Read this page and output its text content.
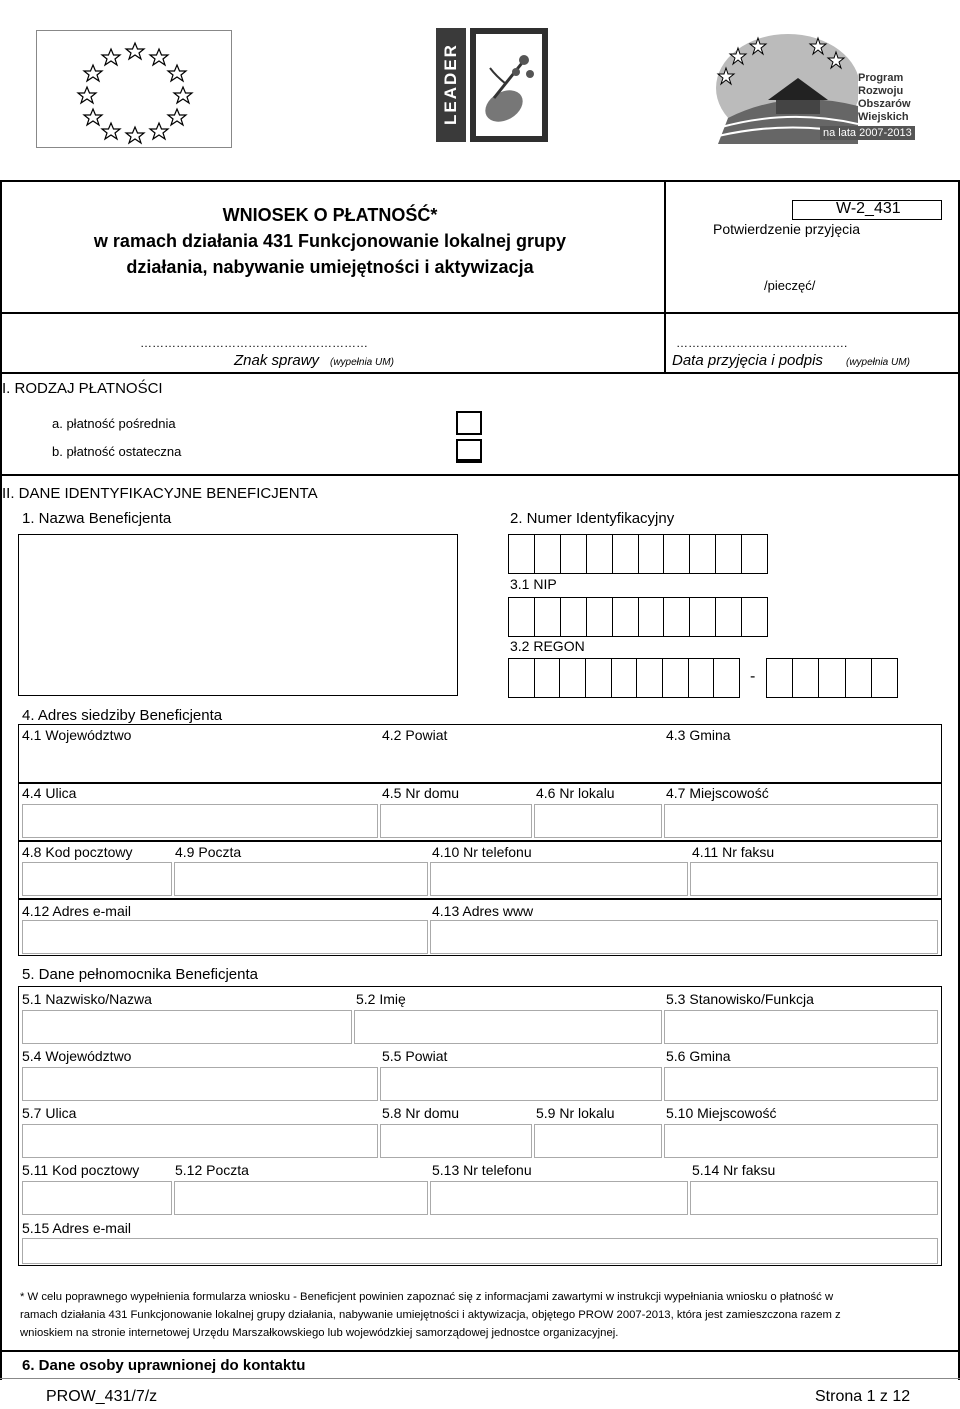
LEADER	Program
Rozwoju
Obszarów
Wiejskich
na lata 2007-2013
WNIOSEK O PŁATNOŚĆ*
w ramach działania 431 Funkcjonowanie lokalnej grupy
działania, nabywanie umiejętności i aktywizacja
W-2_431
Potwierdzenie przyjęcia
/pieczęć/
…………………………………………………
Znak sprawy (wypełnia UM)
…………………………………….
Data przyjęcia i podpis (wypełnia UM)
I. RODZAJ PŁATNOŚCI
a. płatność pośrednia
b. płatność ostateczna
II. DANE IDENTYFIKACYJNE BENEFICJENTA
1. Nazwa Beneficjenta	2. Numer Identyfikacyjny
3.1 NIP
3.2 REGON
-
4. Adres siedziby Beneficjenta
4.1 Województwo	4.2 Powiat	4.3 Gmina
4.4 Ulica	4.5 Nr domu	4.6 Nr lokalu	4.7 Miejscowość
4.8 Kod pocztowy	4.9 Poczta	4.10 Nr telefonu	4.11 Nr faksu
4.12 Adres e-mail	4.13 Adres www
5. Dane pełnomocnika Beneficjenta
5.1 Nazwisko/Nazwa	5.2 Imię	5.3 Stanowisko/Funkcja
5.4 Województwo	5.5 Powiat	5.6 Gmina
5.7 Ulica	5.8 Nr domu	5.9 Nr lokalu	5.10 Miejscowość
5.11 Kod pocztowy	5.12 Poczta	5.13 Nr telefonu	5.14 Nr faksu
5.15 Adres e-mail
* W celu poprawnego wypełnienia formularza wniosku - Beneficjent powinien zapoznać się z informacjami zawartymi w instrukcji wypełniania wniosku o płatność w
ramach działania 431 Funkcjonowanie lokalnej grupy działania, nabywanie umiejętności i aktywizacja, objętego PROW 2007-2013, która jest zamieszczona razem z
wnioskiem na stronie internetowej Urzędu Marszałkowskiego lub wojewódzkiej samorządowej jednostce organizacyjnej.
6. Dane osoby uprawnionej do kontaktu
PROW_431/7/z	Strona 1 z 12
